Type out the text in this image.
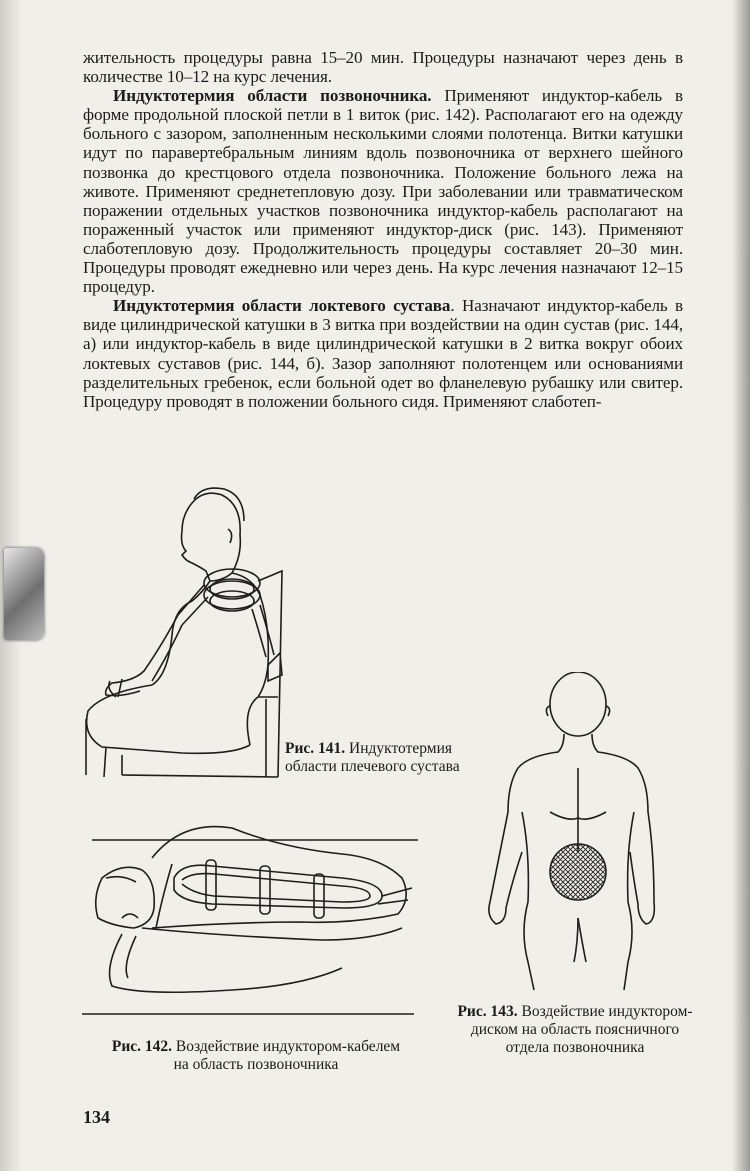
жительность процедуры равна 15–20 мин. Процедуры назначают через день в количестве 10–12 на курс лечения.

Индуктотермия области позвоночника. Применяют индуктор-кабель в форме продольной плоской петли в 1 виток (рис. 142). Располагают его на одежду больного с зазором, заполненным несколькими слоями полотенца. Витки катушки идут по паравертебральным линиям вдоль позвоночника от верхнего шейного позвонка до крестцового отдела позвоночника. Положение больного лежа на животе. Применяют среднетепловую дозу. При заболевании или травматическом поражении отдельных участков позвоночника индуктор-кабель располагают на пораженный участок или применяют индуктор-диск (рис. 143). Применяют слаботепловую дозу. Продолжительность процедуры составляет 20–30 мин. Процедуры проводят ежедневно или через день. На курс лечения назначают 12–15 процедур.

Индуктотермия области локтевого сустава. Назначают индуктор-кабель в виде цилиндрической катушки в 3 витка при воздействии на один сустав (рис. 144, а) или индуктор-кабель в виде цилиндрической катушки в 2 витка вокруг обоих локтевых суставов (рис. 144, б). Зазор заполняют полотенцем или основаниями разделительных гребенок, если больной одет во фланелевую рубашку или свитер. Процедуру проводят в положении больного сидя. Применяют слаботеп-

Рис. 141. Индуктотермия области плечевого сустава
Рис. 142. Воздействие индуктором-кабелем на область позвоночника
Рис. 143. Воздействие индуктором-диском на область поясничного отдела позвоночника
134
